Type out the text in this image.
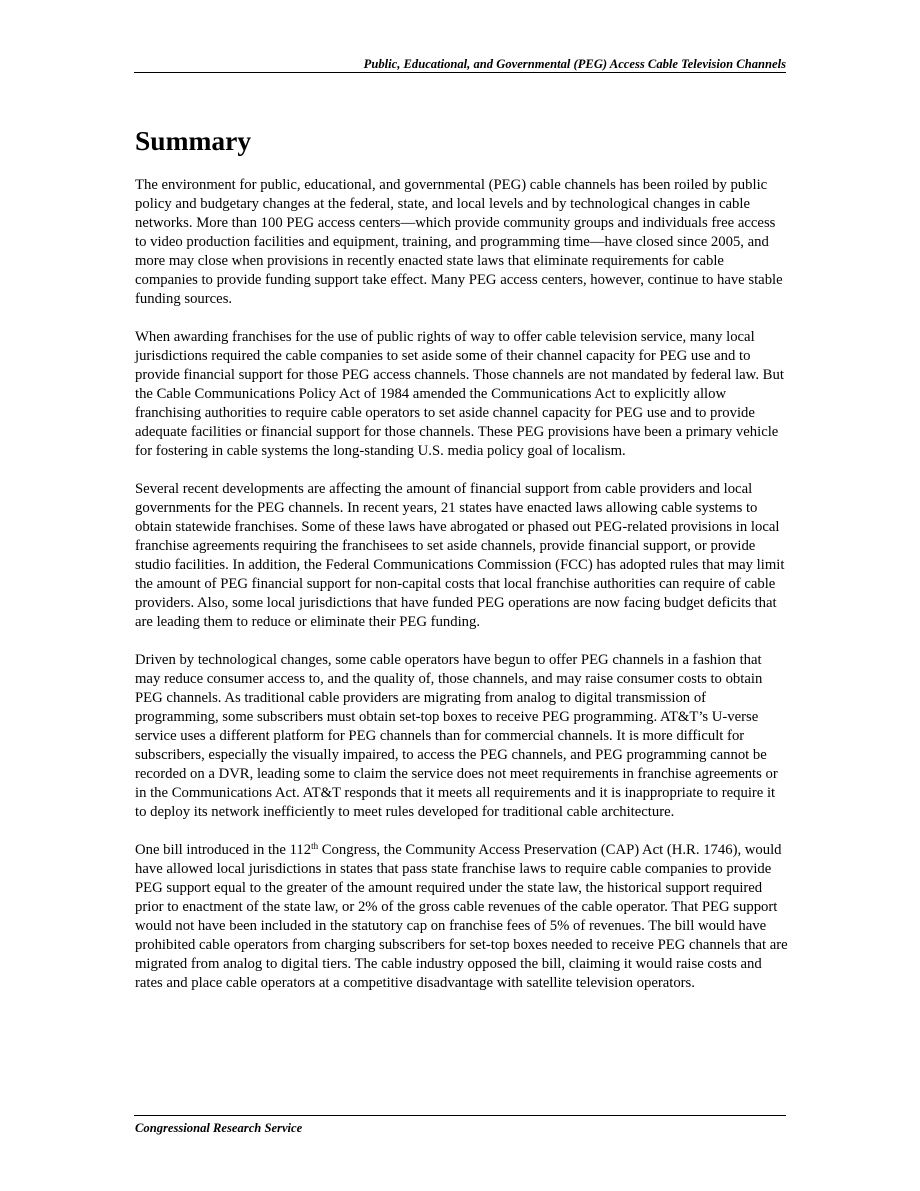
Public, Educational, and Governmental (PEG) Access Cable Television Channels
Summary

The environment for public, educational, and governmental (PEG) cable channels has been roiled by public policy and budgetary changes at the federal, state, and local levels and by technological changes in cable networks. More than 100 PEG access centers—which provide community groups and individuals free access to video production facilities and equipment, training, and programming time—have closed since 2005, and more may close when provisions in recently enacted state laws that eliminate requirements for cable companies to provide funding support take effect. Many PEG access centers, however, continue to have stable funding sources.

When awarding franchises for the use of public rights of way to offer cable television service, many local jurisdictions required the cable companies to set aside some of their channel capacity for PEG use and to provide financial support for those PEG access channels. Those channels are not mandated by federal law. But the Cable Communications Policy Act of 1984 amended the Communications Act to explicitly allow franchising authorities to require cable operators to set aside channel capacity for PEG use and to provide adequate facilities or financial support for those channels. These PEG provisions have been a primary vehicle for fostering in cable systems the long-standing U.S. media policy goal of localism.

Several recent developments are affecting the amount of financial support from cable providers and local governments for the PEG channels. In recent years, 21 states have enacted laws allowing cable systems to obtain statewide franchises. Some of these laws have abrogated or phased out PEG-related provisions in local franchise agreements requiring the franchisees to set aside channels, provide financial support, or provide studio facilities. In addition, the Federal Communications Commission (FCC) has adopted rules that may limit the amount of PEG financial support for non-capital costs that local franchise authorities can require of cable providers. Also, some local jurisdictions that have funded PEG operations are now facing budget deficits that are leading them to reduce or eliminate their PEG funding.

Driven by technological changes, some cable operators have begun to offer PEG channels in a fashion that may reduce consumer access to, and the quality of, those channels, and may raise consumer costs to obtain PEG channels. As traditional cable providers are migrating from analog to digital transmission of programming, some subscribers must obtain set-top boxes to receive PEG programming. AT&T’s U-verse service uses a different platform for PEG channels than for commercial channels. It is more difficult for subscribers, especially the visually impaired, to access the PEG channels, and PEG programming cannot be recorded on a DVR, leading some to claim the service does not meet requirements in franchise agreements or in the Communications Act. AT&T responds that it meets all requirements and it is inappropriate to require it to deploy its network inefficiently to meet rules developed for traditional cable architecture.

One bill introduced in the 112th Congress, the Community Access Preservation (CAP) Act (H.R. 1746), would have allowed local jurisdictions in states that pass state franchise laws to require cable companies to provide PEG support equal to the greater of the amount required under the state law, the historical support required prior to enactment of the state law, or 2% of the gross cable revenues of the cable operator. That PEG support would not have been included in the statutory cap on franchise fees of 5% of revenues. The bill would have prohibited cable operators from charging subscribers for set-top boxes needed to receive PEG channels that are migrated from analog to digital tiers. The cable industry opposed the bill, claiming it would raise costs and rates and place cable operators at a competitive disadvantage with satellite television operators.

Congressional Research Service
